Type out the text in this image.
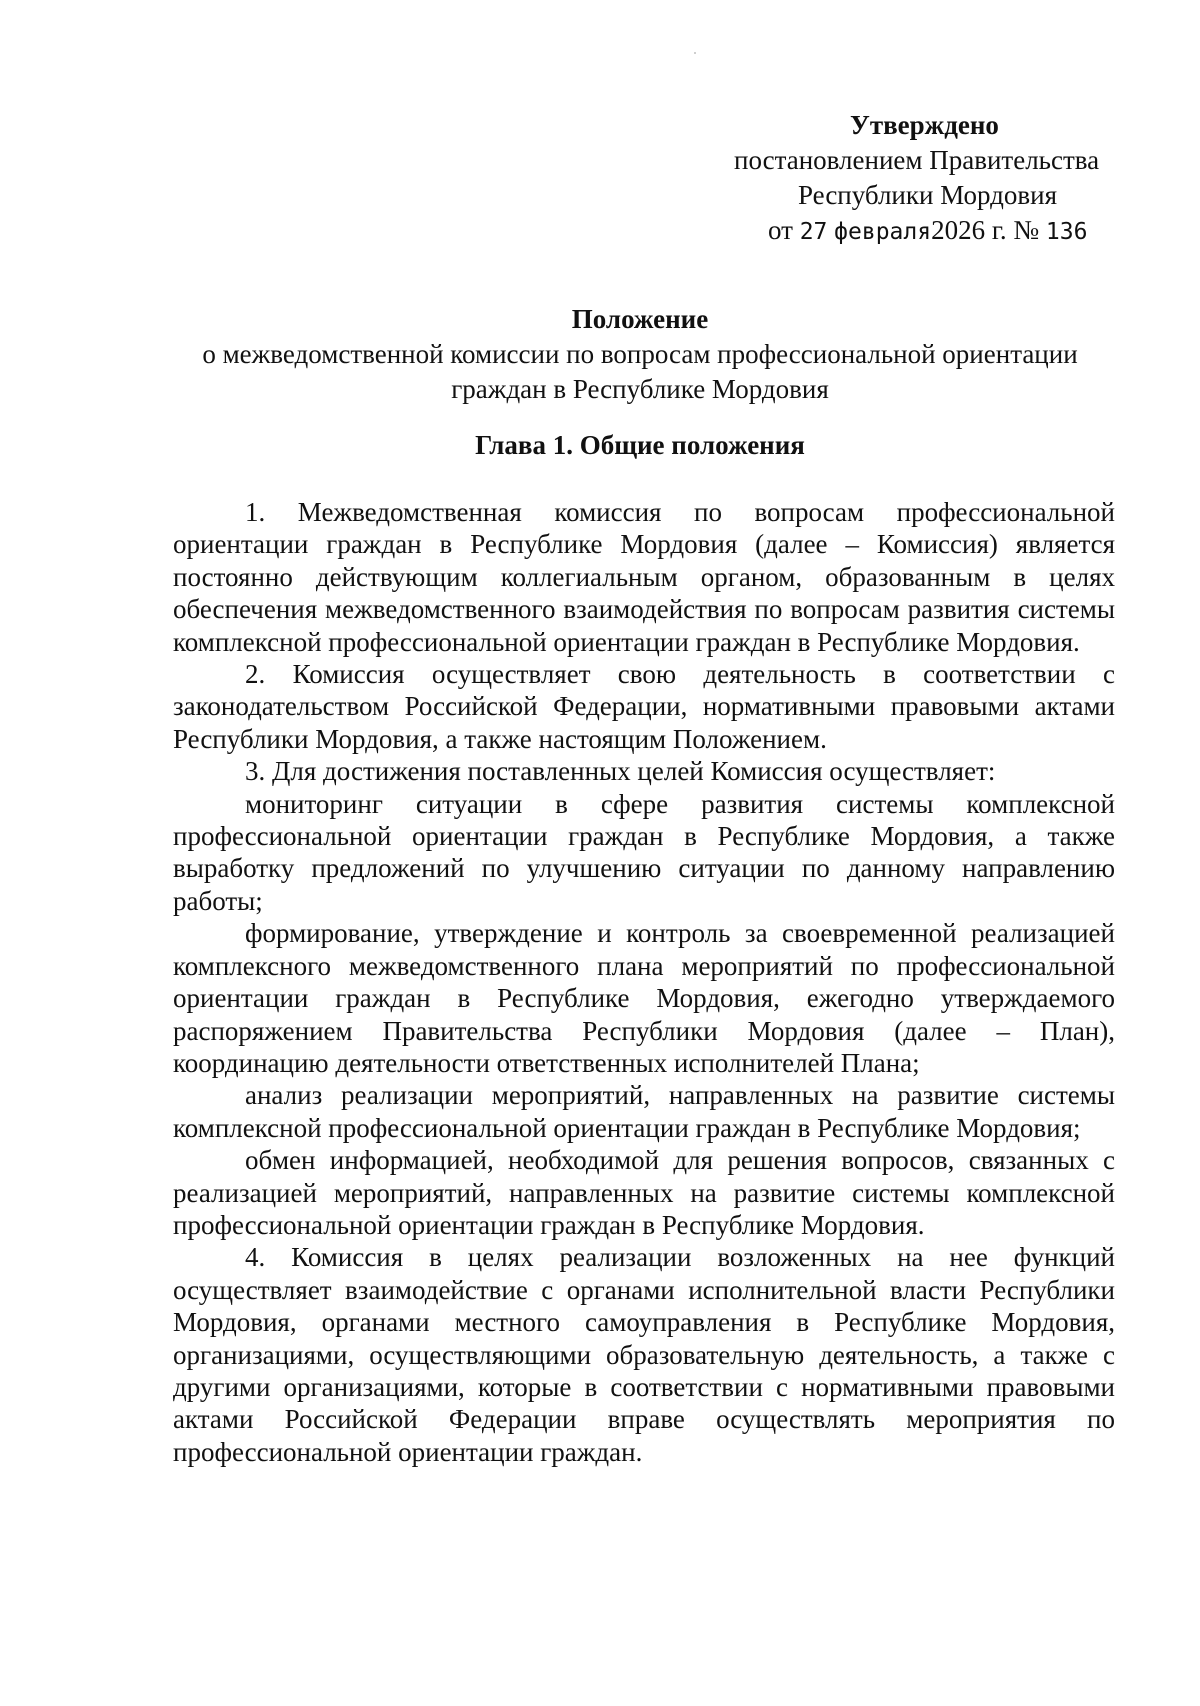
Утверждено
постановлением Правительства
Республики Мордовия
от 27 февраля2026 г. № 136
Положение
о межведомственной комиссии по вопросам профессиональной ориентации
граждан в Республике Мордовия
Глава 1. Общие положения

1. Межведомственная комиссия по вопросам профессиональной ориентации граждан в Республике Мордовия (далее – Комиссия) является постоянно действующим коллегиальным органом, образованным в целях обеспечения межведомственного взаимодействия по вопросам развития системы комплексной профессиональной ориентации граждан в Республике Мордовия.

2. Комиссия осуществляет свою деятельность в соответствии с законодательством Российской Федерации, нормативными правовыми актами Республики Мордовия, а также настоящим Положением.

3. Для достижения поставленных целей Комиссия осуществляет:

мониторинг ситуации в сфере развития системы комплексной профессиональной ориентации граждан в Республике Мордовия, а также выработку предложений по улучшению ситуации по данному направлению работы;

формирование, утверждение и контроль за своевременной реализацией комплексного межведомственного плана мероприятий по профессиональной ориентации граждан в Республике Мордовия, ежегодно утверждаемого распоряжением Правительства Республики Мордовия (далее – План), координацию деятельности ответственных исполнителей Плана;

анализ реализации мероприятий, направленных на развитие системы комплексной профессиональной ориентации граждан в Республике Мордовия;

обмен информацией, необходимой для решения вопросов, связанных с реализацией мероприятий, направленных на развитие системы комплексной профессиональной ориентации граждан в Республике Мордовия.

4. Комиссия в целях реализации возложенных на нее функций осуществляет взаимодействие с органами исполнительной власти Республики Мордовия, органами местного самоуправления в Республике Мордовия, организациями, осуществляющими образовательную деятельность, а также с другими организациями, которые в соответствии с нормативными правовыми актами Российской Федерации вправе осуществлять мероприятия по профессиональной ориентации граждан.
